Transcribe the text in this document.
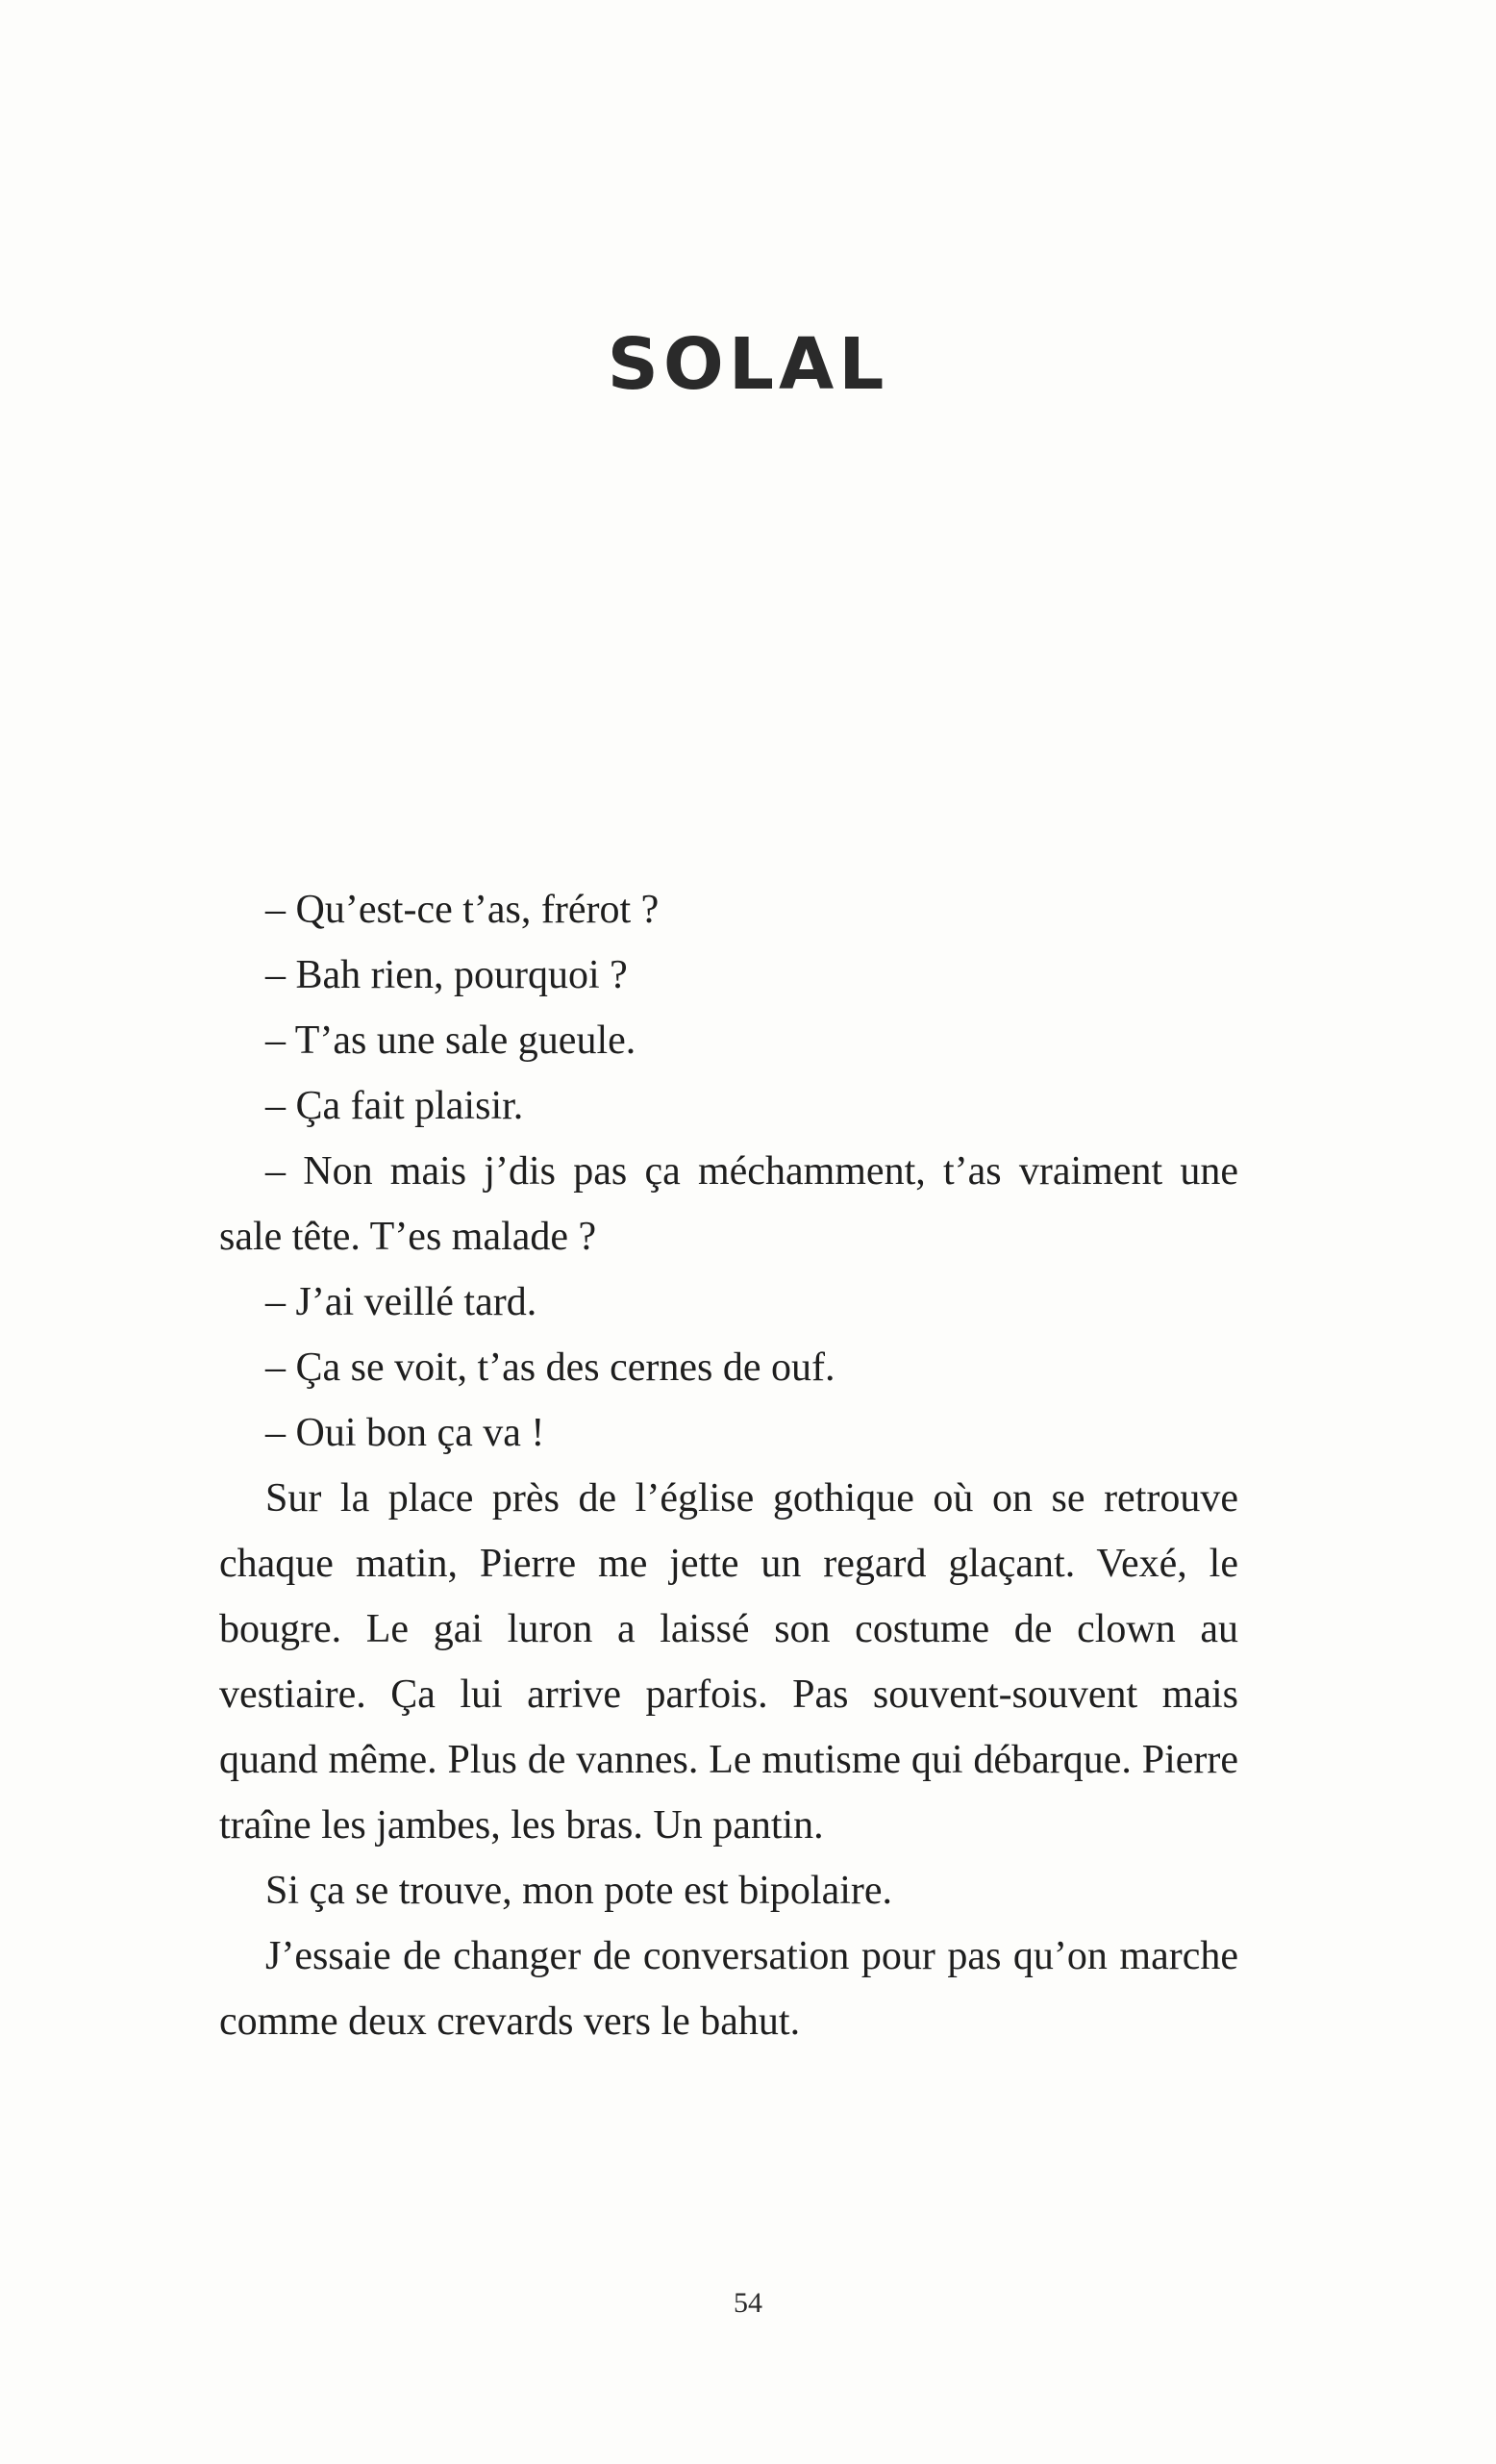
SOLAL

– Qu’est-ce t’as, frérot ?

– Bah rien, pourquoi ?

– T’as une sale gueule.

– Ça fait plaisir.

– Non mais j’dis pas ça méchamment, t’as vraiment une sale tête. T’es malade ?

– J’ai veillé tard.

– Ça se voit, t’as des cernes de ouf.

– Oui bon ça va !

Sur la place près de l’église gothique où on se retrouve chaque matin, Pierre me jette un regard glaçant. Vexé, le bougre. Le gai luron a laissé son costume de clown au vestiaire. Ça lui arrive parfois. Pas souvent-souvent mais quand même. Plus de vannes. Le mutisme qui débarque. Pierre traîne les jambes, les bras. Un pantin.

Si ça se trouve, mon pote est bipolaire.

J’essaie de changer de conversation pour pas qu’on marche comme deux crevards vers le bahut.

54
